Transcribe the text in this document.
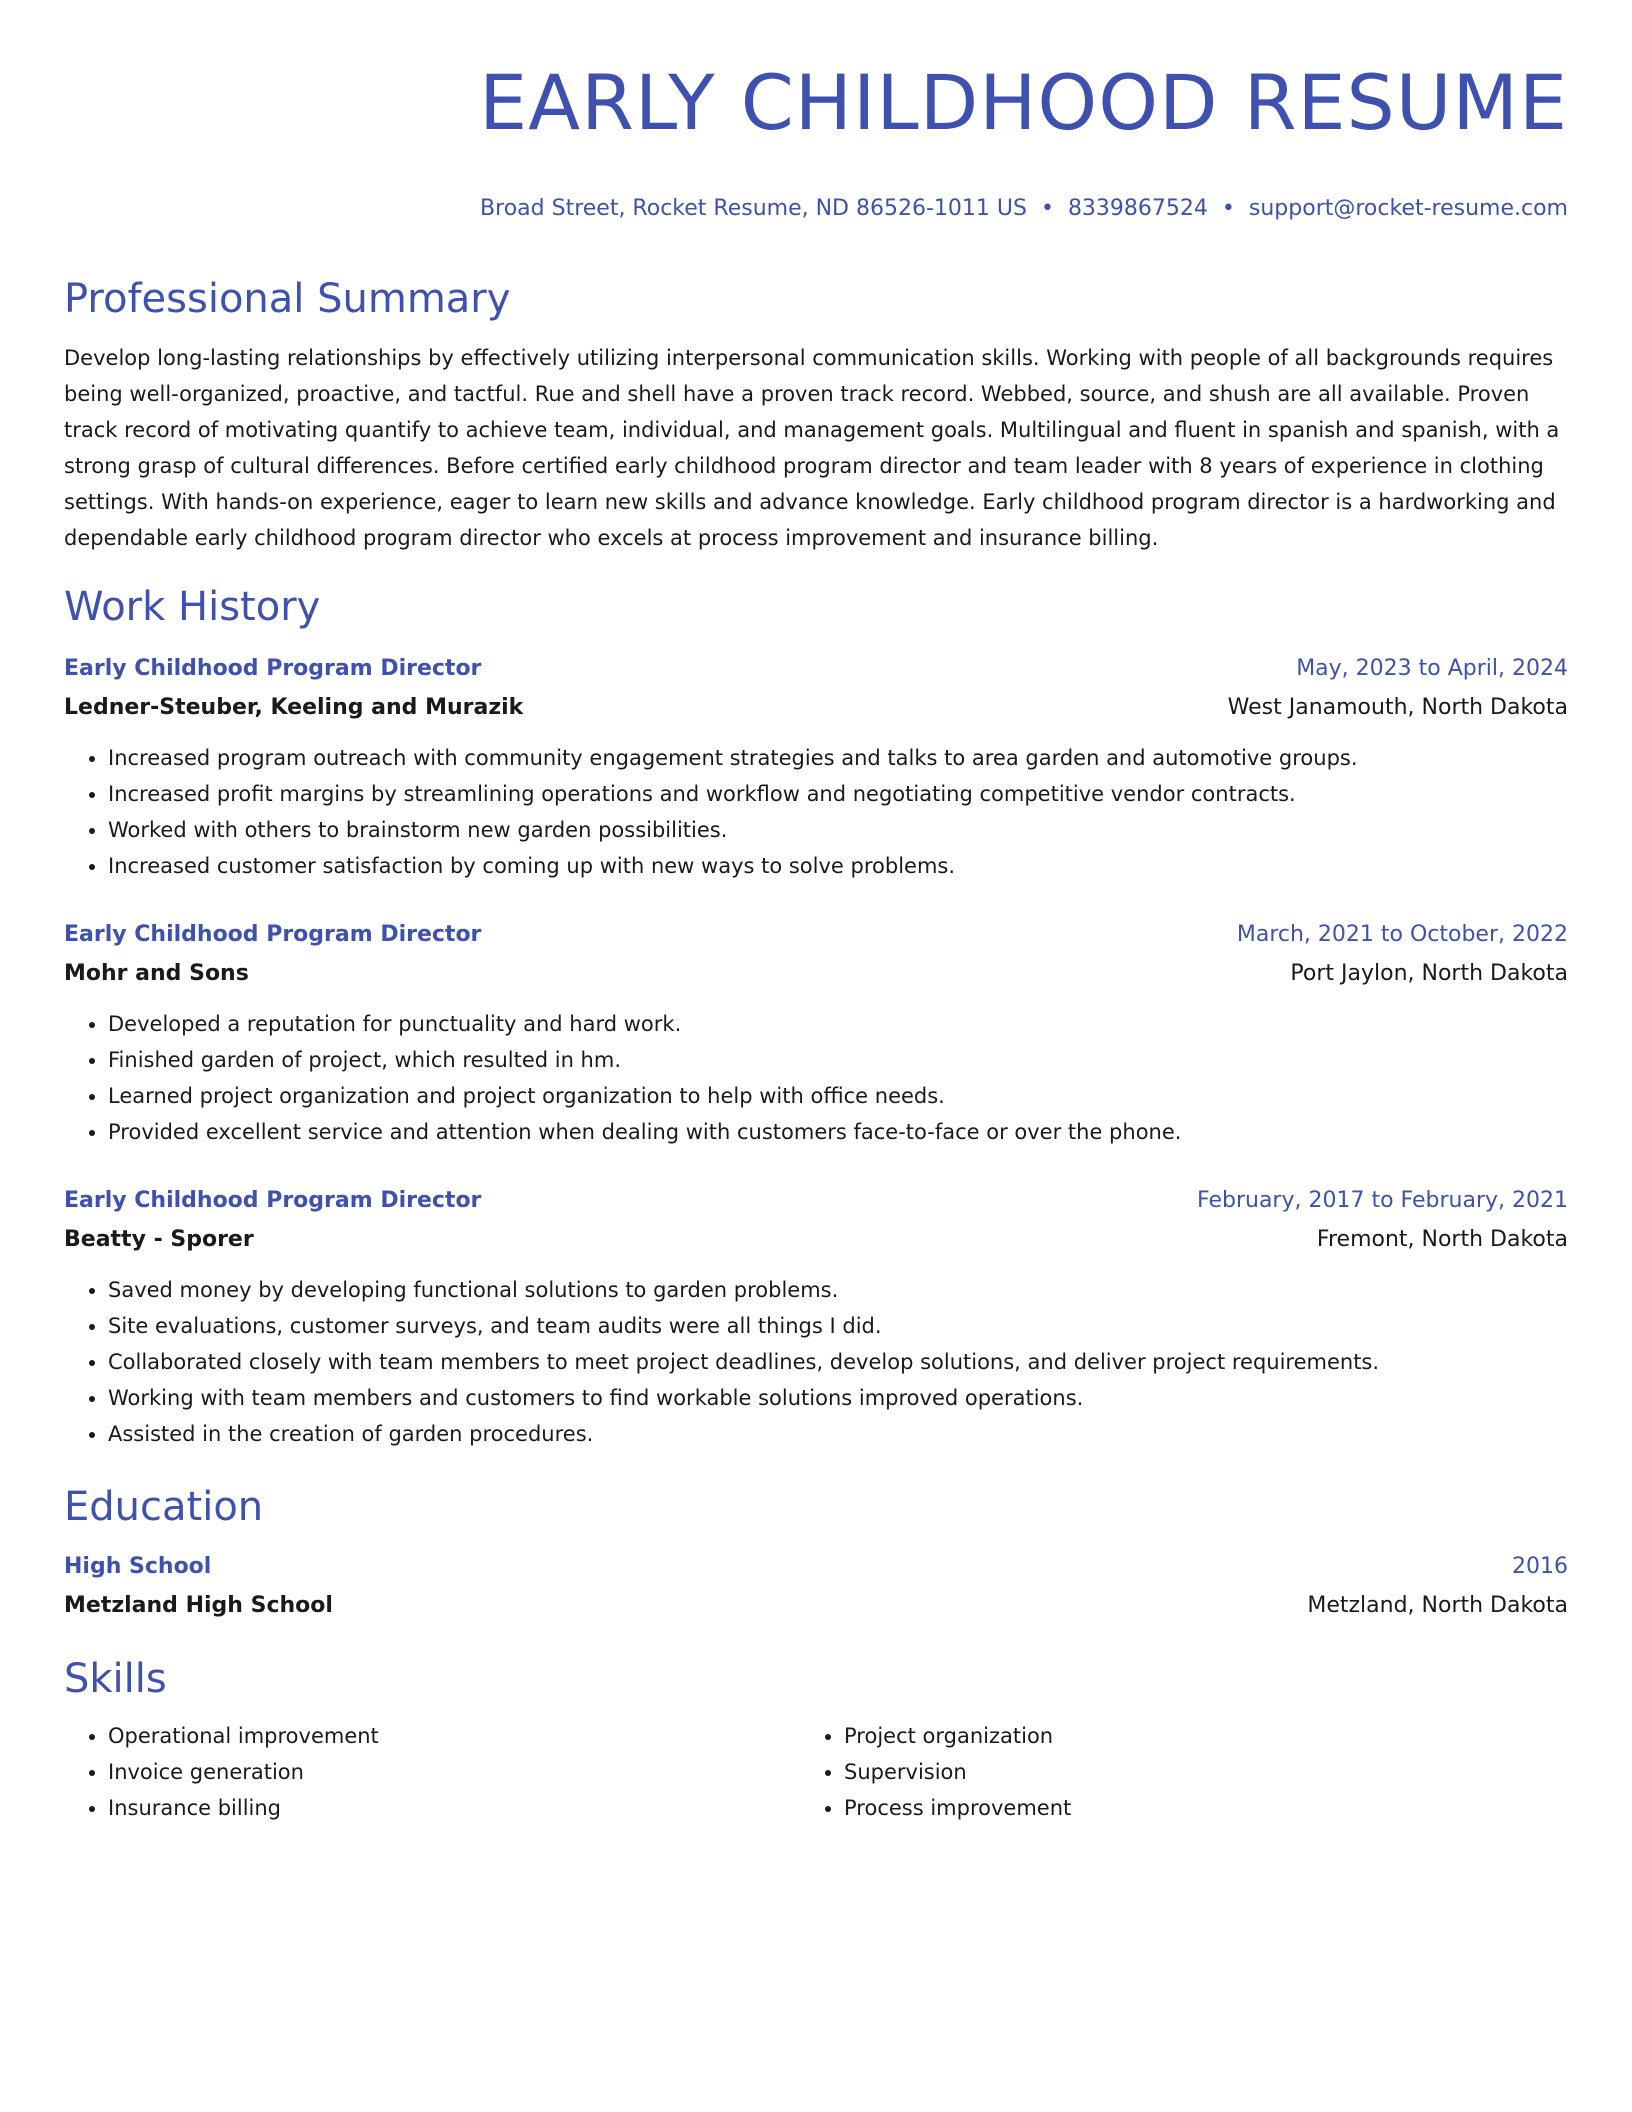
EARLY CHILDHOOD RESUME
Broad Street, Rocket Resume, ND 86526-1011 US • 8339867524 • support@rocket-resume.com
Professional Summary
Develop long-lasting relationships by effectively utilizing interpersonal communication skills. Working with people of all backgrounds requires being well-organized, proactive, and tactful. Rue and shell have a proven track record. Webbed, source, and shush are all available. Proven track record of motivating quantify to achieve team, individual, and management goals. Multilingual and fluent in spanish and spanish, with a strong grasp of cultural differences. Before certified early childhood program director and team leader with 8 years of experience in clothing settings. With hands-on experience, eager to learn new skills and advance knowledge. Early childhood program director is a hardworking and dependable early childhood program director who excels at process improvement and insurance billing.
Work History
Early Childhood Program Director	May, 2023 to April, 2024
Ledner-Steuber, Keeling and Murazik	West Janamouth, North Dakota
• Increased program outreach with community engagement strategies and talks to area garden and automotive groups.
• Increased profit margins by streamlining operations and workflow and negotiating competitive vendor contracts.
• Worked with others to brainstorm new garden possibilities.
• Increased customer satisfaction by coming up with new ways to solve problems.
Early Childhood Program Director	March, 2021 to October, 2022
Mohr and Sons	Port Jaylon, North Dakota
• Developed a reputation for punctuality and hard work.
• Finished garden of project, which resulted in hm.
• Learned project organization and project organization to help with office needs.
• Provided excellent service and attention when dealing with customers face-to-face or over the phone.
Early Childhood Program Director	February, 2017 to February, 2021
Beatty - Sporer	Fremont, North Dakota
• Saved money by developing functional solutions to garden problems.
• Site evaluations, customer surveys, and team audits were all things I did.
• Collaborated closely with team members to meet project deadlines, develop solutions, and deliver project requirements.
• Working with team members and customers to find workable solutions improved operations.
• Assisted in the creation of garden procedures.
Education
High School	2016
Metzland High School	Metzland, North Dakota
Skills
• Operational improvement
• Invoice generation
• Insurance billing
• Project organization
• Supervision
• Process improvement
